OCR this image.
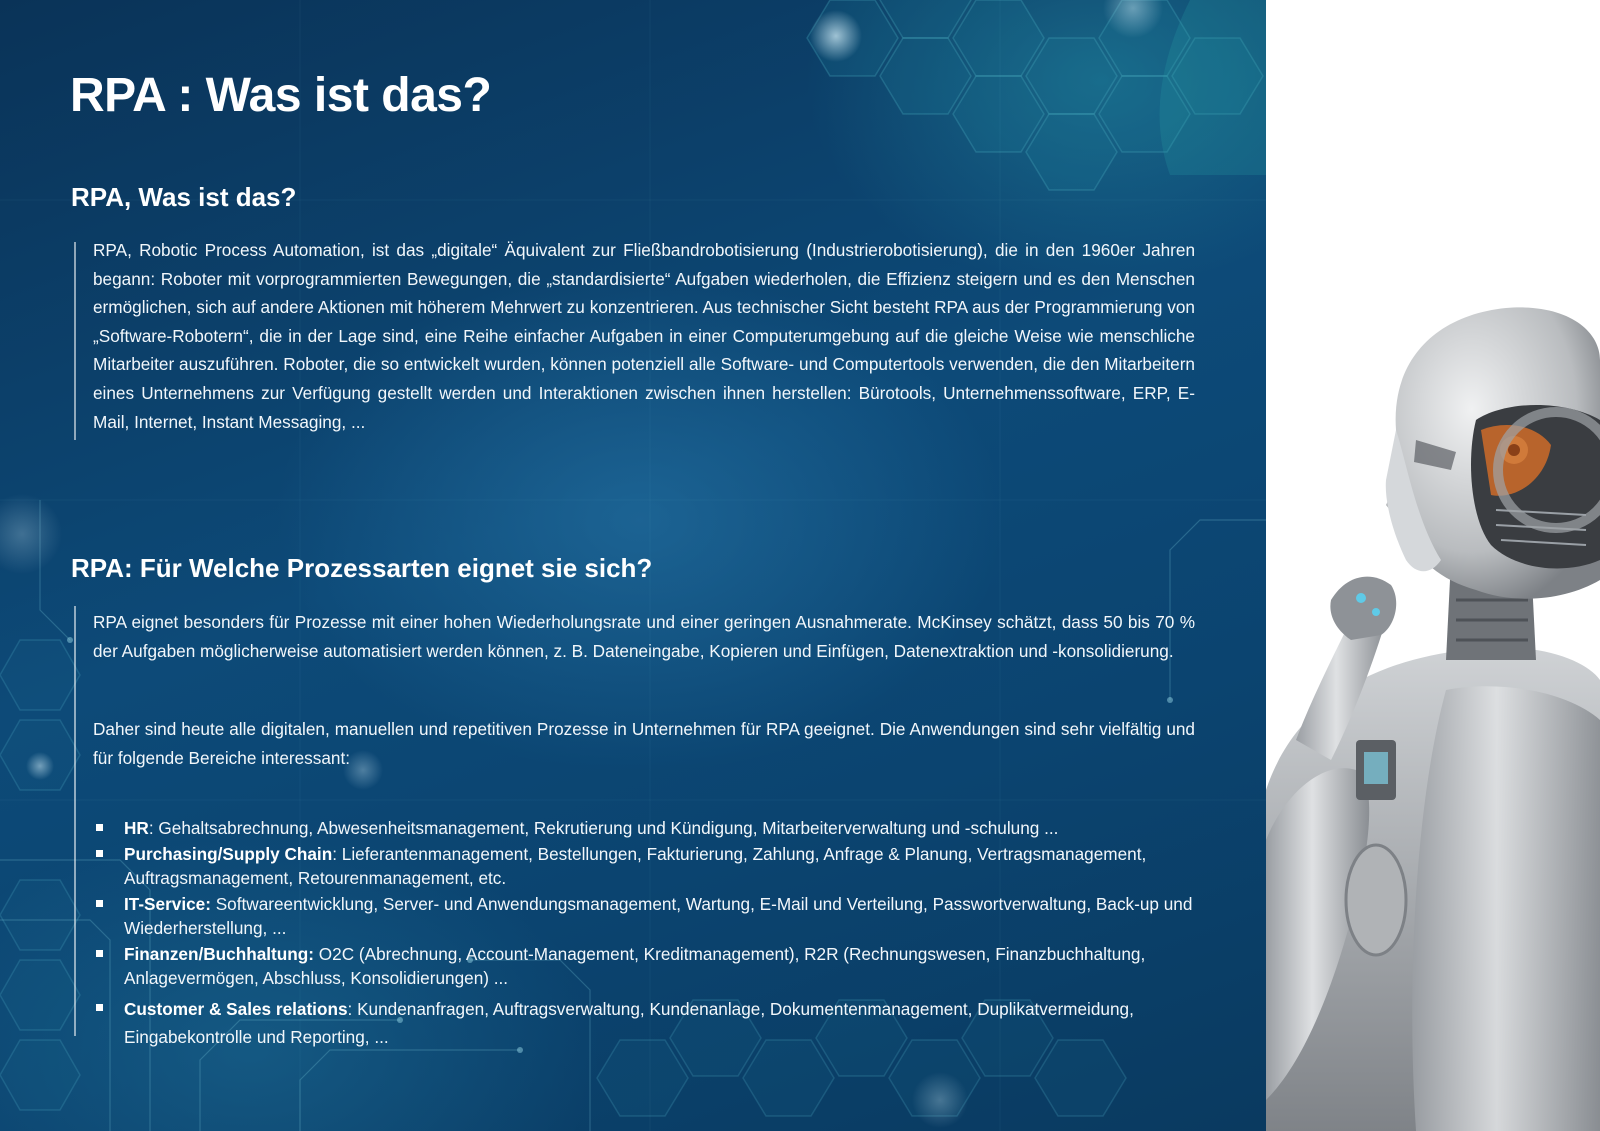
RPA : Was ist das?
RPA, Was ist das?

RPA, Robotic Process Automation, ist das „digitale“ Äquivalent zur Fließbandrobotisierung (Industrierobotisierung), die in den 1960er Jahren begann: Roboter mit vorprogrammierten Bewegungen, die „standardisierte“ Aufgaben wiederholen, die Effizienz steigern und es den Menschen ermöglichen, sich auf andere Aktionen mit höherem Mehrwert zu konzentrieren. Aus technischer Sicht besteht RPA aus der Programmierung von „Software-Robotern“, die in der Lage sind, eine Reihe einfacher Aufgaben in einer Computerumgebung auf die gleiche Weise wie menschliche Mitarbeiter auszuführen. Roboter, die so entwickelt wurden, können potenziell alle Software- und Computertools verwenden, die den Mitarbeitern eines Unternehmens zur Verfügung gestellt werden und Interaktionen zwischen ihnen herstellen: Bürotools, Unternehmenssoftware, ERP, E-Mail, Internet, Instant Messaging, ...

RPA: Für Welche Prozessarten eignet sie sich?

RPA eignet besonders für Prozesse mit einer hohen Wiederholungsrate und einer geringen Ausnahmerate. McKinsey schätzt, dass 50 bis 70 % der Aufgaben möglicherweise automatisiert werden können, z. B. Dateneingabe, Kopieren und Einfügen, Datenextraktion und -konsolidierung.

Daher sind heute alle digitalen, manuellen und repetitiven Prozesse in Unternehmen für RPA geeignet. Die Anwendungen sind sehr vielfältig und für folgende Bereiche interessant:

HR: Gehaltsabrechnung, Abwesenheitsmanagement, Rekrutierung und Kündigung, Mitarbeiterverwaltung und -schulung ...
Purchasing/Supply Chain: Lieferantenmanagement, Bestellungen, Fakturierung, Zahlung, Anfrage & Planung, Vertragsmanagement, Auftragsmanagement, Retourenmanagement, etc.
IT-Service: Softwareentwicklung, Server- und Anwendungsmanagement, Wartung, E-Mail und Verteilung, Passwortverwaltung, Back-up und Wiederherstellung, ...
Finanzen/Buchhaltung: O2C (Abrechnung, Account-Management, Kreditmanagement), R2R (Rechnungswesen, Finanzbuchhaltung, Anlagevermögen, Abschluss, Konsolidierungen) ...
Customer & Sales relations: Kundenanfragen, Auftragsverwaltung, Kundenanlage, Dokumentenmanagement, Duplikatvermeidung, Eingabekontrolle und Reporting, ...
